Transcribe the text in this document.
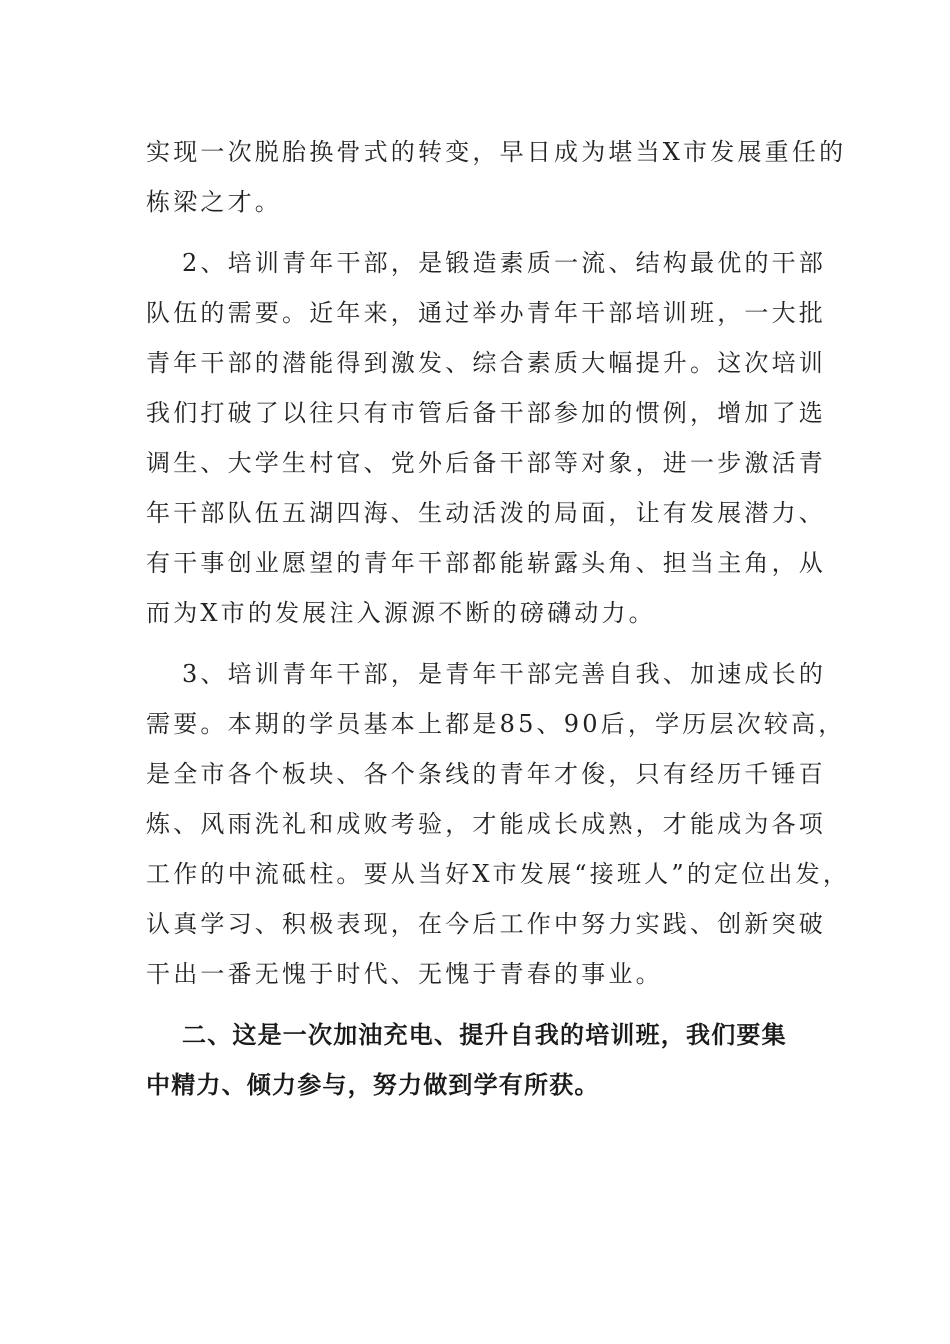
实现一次脱胎换骨式的转变，早日成为堪当X市发展重任的
栋梁之才。
2、培训青年干部，是锻造素质一流、结构最优的干部
队伍的需要。近年来，通过举办青年干部培训班，一大批
青年干部的潜能得到激发、综合素质大幅提升。这次培训
我们打破了以往只有市管后备干部参加的惯例，增加了选
调生、大学生村官、党外后备干部等对象，进一步激活青
年干部队伍五湖四海、生动活泼的局面，让有发展潜力、
有干事创业愿望的青年干部都能崭露头角、担当主角，从
而为X市的发展注入源源不断的磅礴动力。
3、培训青年干部，是青年干部完善自我、加速成长的
需要。本期的学员基本上都是85、90后，学历层次较高，
是全市各个板块、各个条线的青年才俊，只有经历千锤百
炼、风雨洗礼和成败考验，才能成长成熟，才能成为各项
工作的中流砥柱。要从当好X市发展“接班人”的定位出发，
认真学习、积极表现，在今后工作中努力实践、创新突破
干出一番无愧于时代、无愧于青春的事业。
二、这是一次加油充电、提升自我的培训班，我们要集
中精力、倾力参与，努力做到学有所获。
